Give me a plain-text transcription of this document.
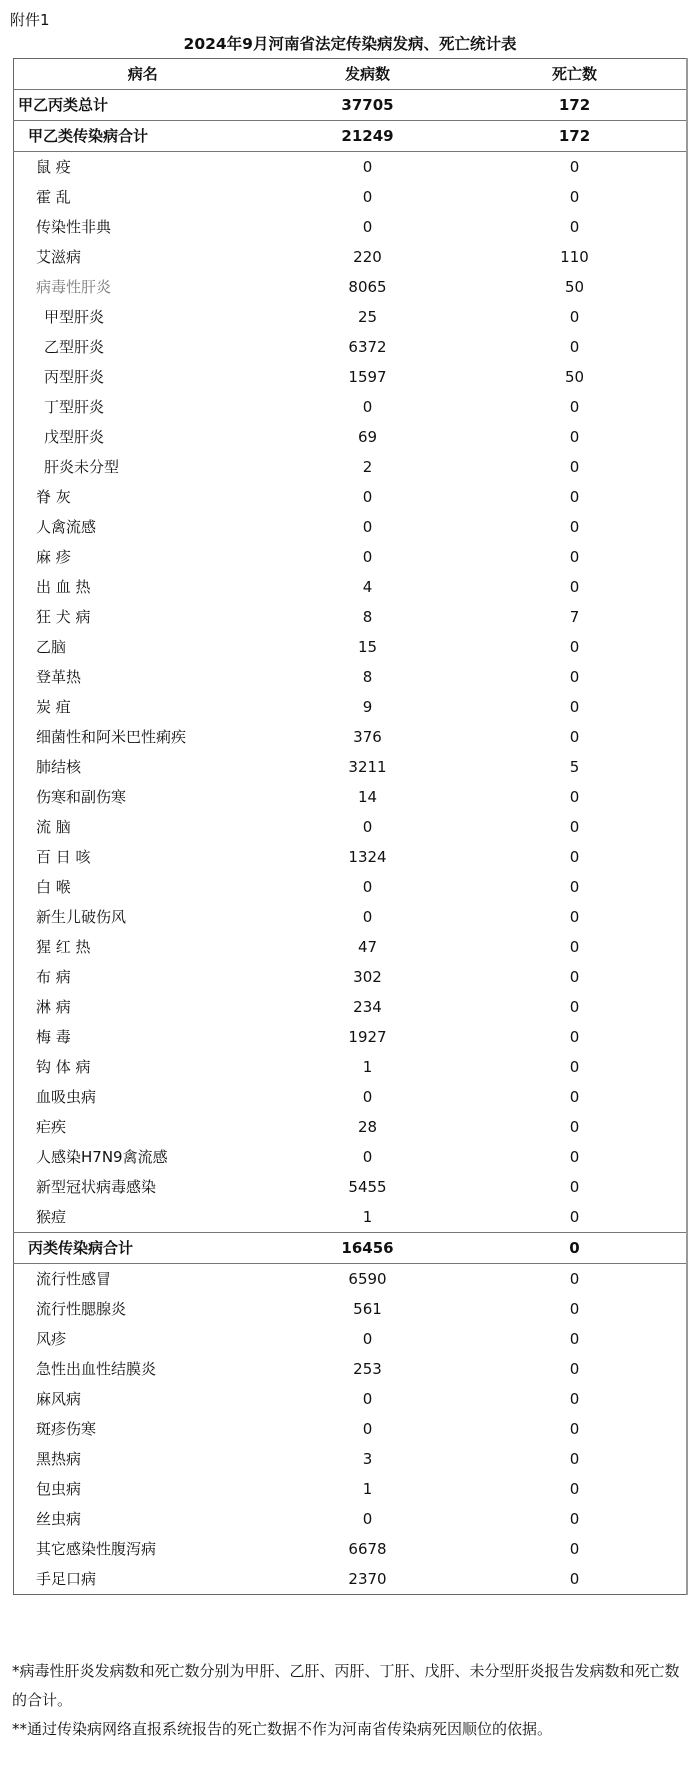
附件1
2024年9月河南省法定传染病发病、死亡统计表
病名	发病数	死亡数
甲乙丙类总计	37705	172
甲乙类传染病合计	21249	172
鼠 疫	0	0
霍 乱	0	0
传染性非典	0	0
艾滋病	220	110
病毒性肝炎	8065	50
甲型肝炎	25	0
乙型肝炎	6372	0
丙型肝炎	1597	50
丁型肝炎	0	0
戊型肝炎	69	0
肝炎未分型	2	0
脊 灰	0	0
人禽流感	0	0
麻 疹	0	0
出 血 热	4	0
狂 犬 病	8	7
乙脑	15	0
登革热	8	0
炭 疽	9	0
细菌性和阿米巴性痢疾	376	0
肺结核	3211	5
伤寒和副伤寒	14	0
流 脑	0	0
百 日 咳	1324	0
白 喉	0	0
新生儿破伤风	0	0
猩 红 热	47	0
布 病	302	0
淋 病	234	0
梅 毒	1927	0
钩 体 病	1	0
血吸虫病	0	0
疟疾	28	0
人感染H7N9禽流感	0	0
新型冠状病毒感染	5455	0
猴痘	1	0
丙类传染病合计	16456	0
流行性感冒	6590	0
流行性腮腺炎	561	0
风疹	0	0
急性出血性结膜炎	253	0
麻风病	0	0
斑疹伤寒	0	0
黑热病	3	0
包虫病	1	0
丝虫病	0	0
其它感染性腹泻病	6678	0
手足口病	2370	0

*病毒性肝炎发病数和死亡数分别为甲肝、乙肝、丙肝、丁肝、戊肝、未分型肝炎报告发病数和死亡数的合计。

**通过传染病网络直报系统报告的死亡数据不作为河南省传染病死因顺位的依据。
